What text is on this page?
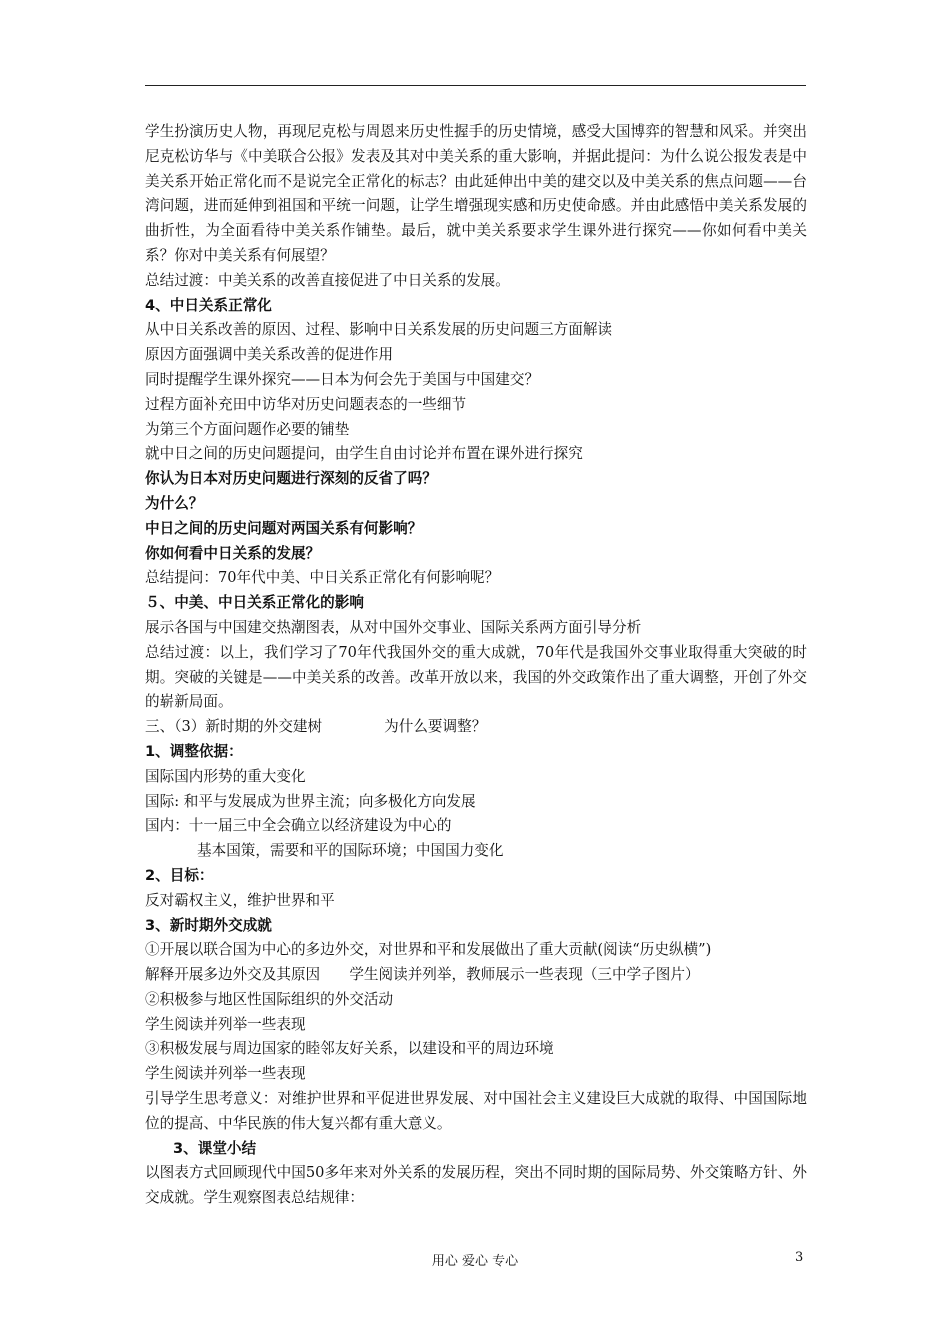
学生扮演历史人物，再现尼克松与周恩来历史性握手的历史情境，感受大国博弈的智慧和风采。并突出尼克松访华与《中美联合公报》发表及其对中美关系的重大影响，并据此提问：为什么说公报发表是中美关系开始正常化而不是说完全正常化的标志？由此延伸出中美的建交以及中美关系的焦点问题——台湾问题，进而延伸到祖国和平统一问题，让学生增强现实感和历史使命感。并由此感悟中美关系发展的曲折性，为全面看待中美关系作铺垫。最后，就中美关系要求学生课外进行探究——你如何看中美关系？你对中美关系有何展望？

总结过渡：中美关系的改善直接促进了中日关系的发展。

4、中日关系正常化

从中日关系改善的原因、过程、影响中日关系发展的历史问题三方面解读

原因方面强调中美关系改善的促进作用

同时提醒学生课外探究——日本为何会先于美国与中国建交？

过程方面补充田中访华对历史问题表态的一些细节

为第三个方面问题作必要的铺垫

就中日之间的历史问题提问，由学生自由讨论并布置在课外进行探究

你认为日本对历史问题进行深刻的反省了吗？

为什么？

中日之间的历史问题对两国关系有何影响？

你如何看中日关系的发展？

总结提问：70年代中美、中日关系正常化有何影响呢？

５、中美、中日关系正常化的影响

展示各国与中国建交热潮图表，从对中国外交事业、国际关系两方面引导分析

总结过渡：以上，我们学习了70年代我国外交的重大成就，70年代是我国外交事业取得重大突破的时期。突破的关键是——中美关系的改善。改革开放以来，我国的外交政策作出了重大调整，开创了外交的崭新局面。

三、（3）新时期的外交建树	为什么要调整？

1、调整依据：

国际国内形势的重大变化

国际: 和平与发展成为世界主流；向多极化方向发展

国内：十一届三中全会确立以经济建设为中心的

基本国策，需要和平的国际环境；中国国力变化

2、目标：

反对霸权主义，维护世界和平

3、新时期外交成就

①开展以联合国为中心的多边外交，对世界和平和发展做出了重大贡献(阅读“历史纵横”)

解释开展多边外交及其原因　　学生阅读并列举，教师展示一些表现（三中学子图片）

②积极参与地区性国际组织的外交活动

学生阅读并列举一些表现

③积极发展与周边国家的睦邻友好关系，以建设和平的周边环境

学生阅读并列举一些表现

引导学生思考意义：对维护世界和平促进世界发展、对中国社会主义建设巨大成就的取得、中国国际地位的提高、中华民族的伟大复兴都有重大意义。

3、课堂小结

以图表方式回顾现代中国50多年来对外关系的发展历程，突出不同时期的国际局势、外交策略方针、外交成就。学生观察图表总结规律：

用心 爱心 专心	3
